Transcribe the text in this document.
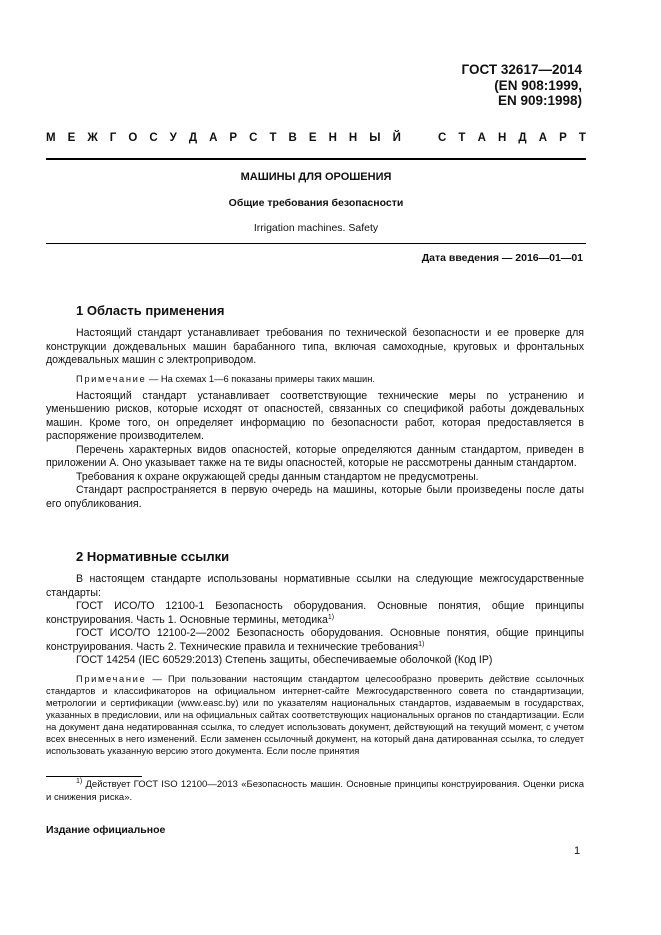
ГОСТ 32617—2014
(EN 908:1999,
EN 909:1998)
М Е Ж Г О С У Д А Р С Т В Е Н Н Ы Й	С Т А Н Д А Р Т
МАШИНЫ ДЛЯ ОРОШЕНИЯ
Общие требования безопасности
Irrigation machines. Safety
Дата введения — 2016—01—01
1 Область применения

Настоящий стандарт устанавливает требования по технической безопасности и ее проверке для конструкции дождевальных машин барабанного типа, включая самоходные, круговых и фронтальных дождевальных машин с электроприводом.

Примечание — На схемах 1—6 показаны примеры таких машин.

Настоящий стандарт устанавливает соответствующие технические меры по устранению и уменьшению рисков, которые исходят от опасностей, связанных со спецификой работы дождевальных машин. Кроме того, он определяет информацию по безопасности работ, которая предоставляется в распоряжение производителем.

Перечень характерных видов опасностей, которые определяются данным стандартом, приведен в приложении А. Оно указывает также на те виды опасностей, которые не рассмотрены данным стандартом.

Требования к охране окружающей среды данным стандартом не предусмотрены.

Стандарт распространяется в первую очередь на машины, которые были произведены после даты его опубликования.

2 Нормативные ссылки

В настоящем стандарте использованы нормативные ссылки на следующие межгосударственные стандарты:

ГОСТ ИСО/ТО 12100-1 Безопасность оборудования. Основные понятия, общие принципы конструирования. Часть 1. Основные термины, методика$^{1)}$

ГОСТ ИСО/ТО 12100-2—2002 Безопасность оборудования. Основные понятия, общие принципы конструирования. Часть 2. Технические правила и технические требования$^{1)}$

ГОСТ 14254 (IEC 60529:2013) Степень защиты, обеспечиваемые оболочкой (Код IP)

Примечание — При пользовании настоящим стандартом целесообразно проверить действие ссылочных стандартов и классификаторов на официальном интернет-сайте Межгосударственного совета по стандартизации, метрологии и сертификации (www.easc.by) или по указателям национальных стандартов, издаваемым в государствах, указанных в предисловии, или на официальных сайтах соответствующих национальных органов по стандартизации. Если на документ дана недатированная ссылка, то следует использовать документ, действующий на текущий момент, с учетом всех внесенных в него изменений. Если заменен ссылочный документ, на который дана датированная ссылка, то следует использовать указанную версию этого документа. Если после принятия

$^{1)}$ Действует ГОСТ ISO 12100—2013 «Безопасность машин. Основные принципы конструирования. Оценки риска и снижения риска».

Издание официальное
1
